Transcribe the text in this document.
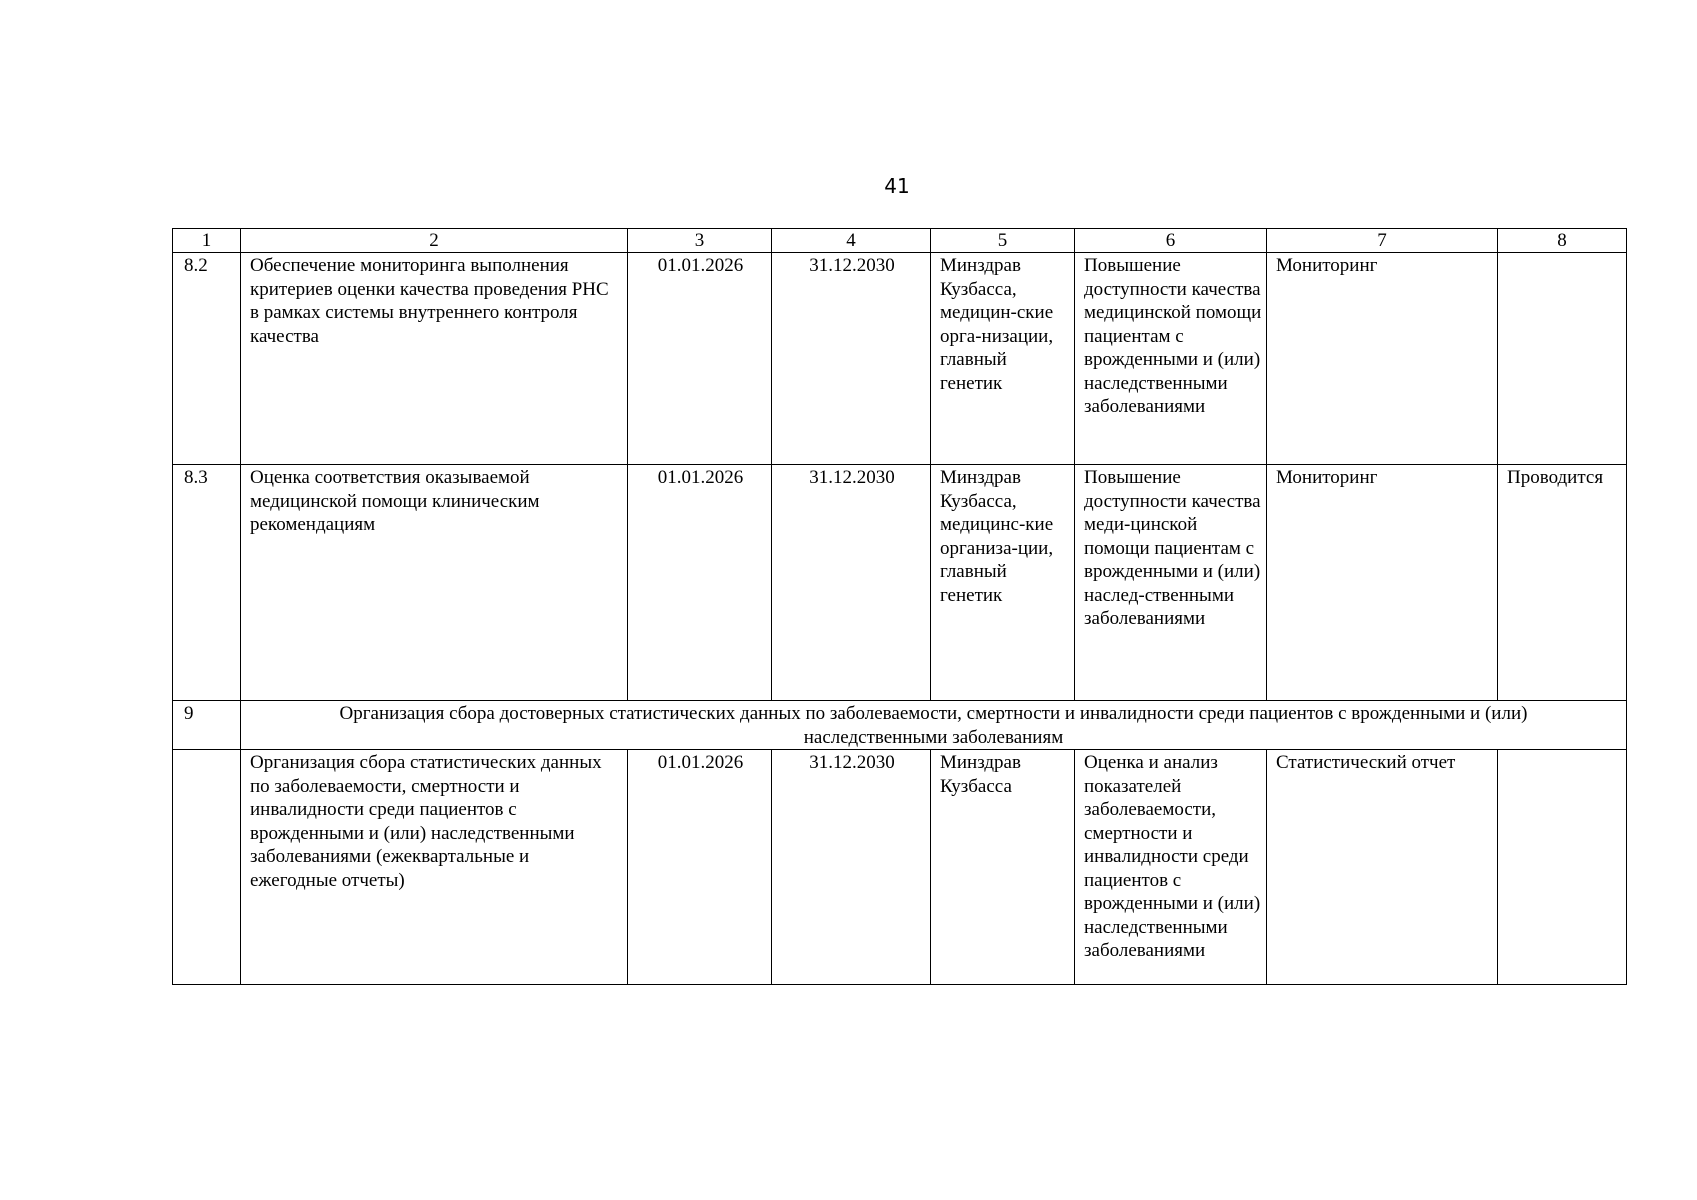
41
1	2	3	4	5	6	7	8
8.2	Обеспечение мониторинга выполнения критериев оценки качества проведения РНС в рамках системы внутреннего контроля качества	01.01.2026	31.12.2030	Минздрав Кузбасса, медицин-ские орга-низации, главный генетик	Повышение доступности качества медицинской помощи пациентам с врожденными и (или) наследственными заболеваниями	Мониторинг	
8.3	Оценка соответствия оказываемой медицинской помощи клиническим рекомендациям	01.01.2026	31.12.2030	Минздрав Кузбасса, медицинс-кие организа-ции, главный генетик	Повышение доступности качества меди-цинской помощи пациентам с врожденными и (или) наслед-ственными заболеваниями	Мониторинг	Проводится
9	Организация сбора достоверных статистических данных по заболеваемости, смертности и инвалидности среди пациентов с врожденными и (или) наследственными заболеваниям						
	Организация сбора статистических данных по заболеваемости, смертности и инвалидности среди пациентов с врожденными и (или) наследственными заболеваниями (ежеквартальные и ежегодные отчеты)	01.01.2026	31.12.2030	Минздрав Кузбасса	Оценка и анализ показателей заболеваемости, смертности и инвалидности среди пациентов с врожденными и (или) наследственными заболеваниями	Статистический отчет	
